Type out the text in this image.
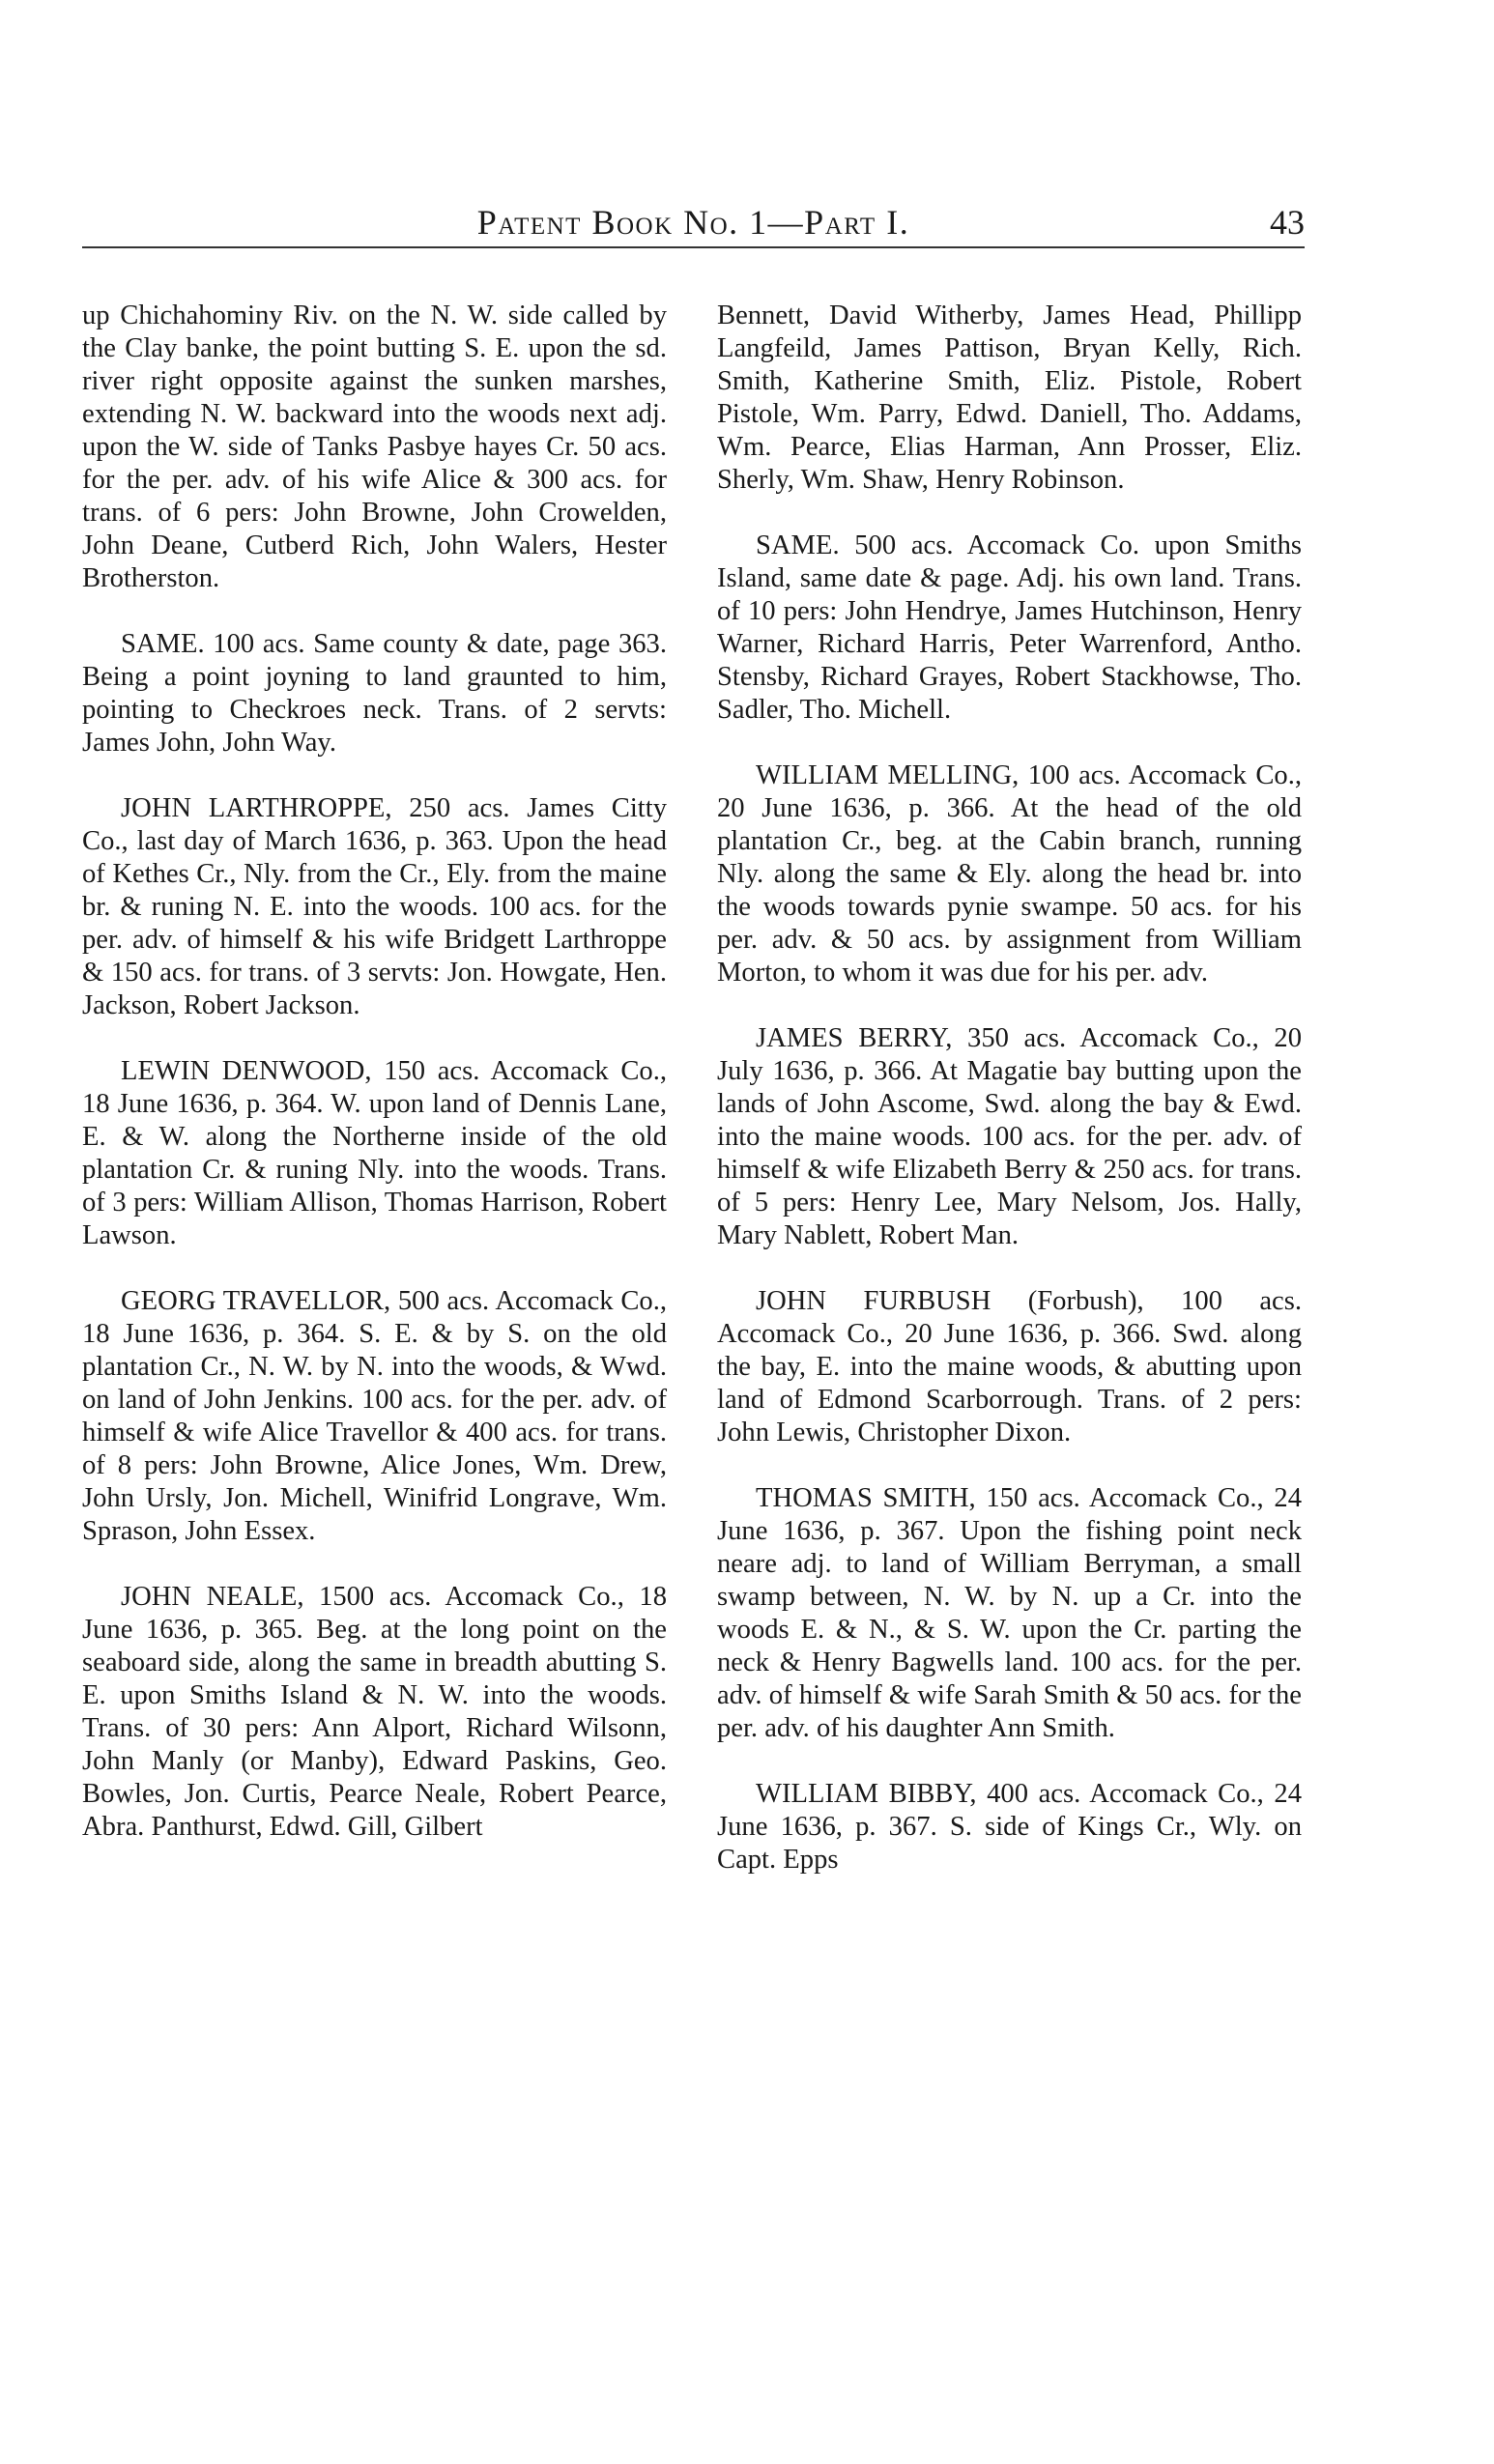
Patent Book No. 1—Part I.	43

up Chichahominy Riv. on the N. W. side called by the Clay banke, the point butting S. E. upon the sd. river right opposite against the sunken marshes, extending N. W. backward into the woods next adj. upon the W. side of Tanks Pasbye hayes Cr. 50 acs. for the per. adv. of his wife Alice & 300 acs. for trans. of 6 pers: John Browne, John Crowelden, John Deane, Cutberd Rich, John Walers, Hester Brotherston.

SAME. 100 acs. Same county & date, page 363. Being a point joyning to land graunted to him, pointing to Checkroes neck. Trans. of 2 servts: James John, John Way.

JOHN LARTHROPPE, 250 acs. James Citty Co., last day of March 1636, p. 363. Upon the head of Kethes Cr., Nly. from the Cr., Ely. from the maine br. & runing N. E. into the woods. 100 acs. for the per. adv. of himself & his wife Bridgett Larthroppe & 150 acs. for trans. of 3 servts: Jon. Howgate, Hen. Jackson, Robert Jackson.

LEWIN DENWOOD, 150 acs. Accomack Co., 18 June 1636, p. 364. W. upon land of Dennis Lane, E. & W. along the Northerne inside of the old plantation Cr. & runing Nly. into the woods. Trans. of 3 pers: William Allison, Thomas Harrison, Robert Lawson.

GEORG TRAVELLOR, 500 acs. Accomack Co., 18 June 1636, p. 364. S. E. & by S. on the old plantation Cr., N. W. by N. into the woods, & Wwd. on land of John Jenkins. 100 acs. for the per. adv. of himself & wife Alice Travellor & 400 acs. for trans. of 8 pers: John Browne, Alice Jones, Wm. Drew, John Ursly, Jon. Michell, Winifrid Longrave, Wm. Sprason, John Essex.

JOHN NEALE, 1500 acs. Accomack Co., 18 June 1636, p. 365. Beg. at the long point on the seaboard side, along the same in breadth abutting S. E. upon Smiths Island & N. W. into the woods. Trans. of 30 pers: Ann Alport, Richard Wilsonn, John Manly (or Manby), Edward Paskins, Geo. Bowles, Jon. Curtis, Pearce Neale, Robert Pearce, Abra. Panthurst, Edwd. Gill, Gilbert

Bennett, David Witherby, James Head, Phillipp Langfeild, James Pattison, Bryan Kelly, Rich. Smith, Katherine Smith, Eliz. Pistole, Robert Pistole, Wm. Parry, Edwd. Daniell, Tho. Addams, Wm. Pearce, Elias Harman, Ann Prosser, Eliz. Sherly, Wm. Shaw, Henry Robinson.

SAME. 500 acs. Accomack Co. upon Smiths Island, same date & page. Adj. his own land. Trans. of 10 pers: John Hendrye, James Hutchinson, Henry Warner, Richard Harris, Peter Warrenford, Antho. Stensby, Richard Grayes, Robert Stackhowse, Tho. Sadler, Tho. Michell.

WILLIAM MELLING, 100 acs. Accomack Co., 20 June 1636, p. 366. At the head of the old plantation Cr., beg. at the Cabin branch, running Nly. along the same & Ely. along the head br. into the woods towards pynie swampe. 50 acs. for his per. adv. & 50 acs. by assignment from William Morton, to whom it was due for his per. adv.

JAMES BERRY, 350 acs. Accomack Co., 20 July 1636, p. 366. At Magatie bay butting upon the lands of John Ascome, Swd. along the bay & Ewd. into the maine woods. 100 acs. for the per. adv. of himself & wife Elizabeth Berry & 250 acs. for trans. of 5 pers: Henry Lee, Mary Nelsom, Jos. Hally, Mary Nablett, Robert Man.

JOHN FURBUSH (Forbush), 100 acs. Accomack Co., 20 June 1636, p. 366. Swd. along the bay, E. into the maine woods, & abutting upon land of Edmond Scarborrough. Trans. of 2 pers: John Lewis, Christopher Dixon.

THOMAS SMITH, 150 acs. Accomack Co., 24 June 1636, p. 367. Upon the fishing point neck neare adj. to land of William Berryman, a small swamp between, N. W. by N. up a Cr. into the woods E. & N., & S. W. upon the Cr. parting the neck & Henry Bagwells land. 100 acs. for the per. adv. of himself & wife Sarah Smith & 50 acs. for the per. adv. of his daughter Ann Smith.

WILLIAM BIBBY, 400 acs. Accomack Co., 24 June 1636, p. 367. S. side of Kings Cr., Wly. on Capt. Epps
